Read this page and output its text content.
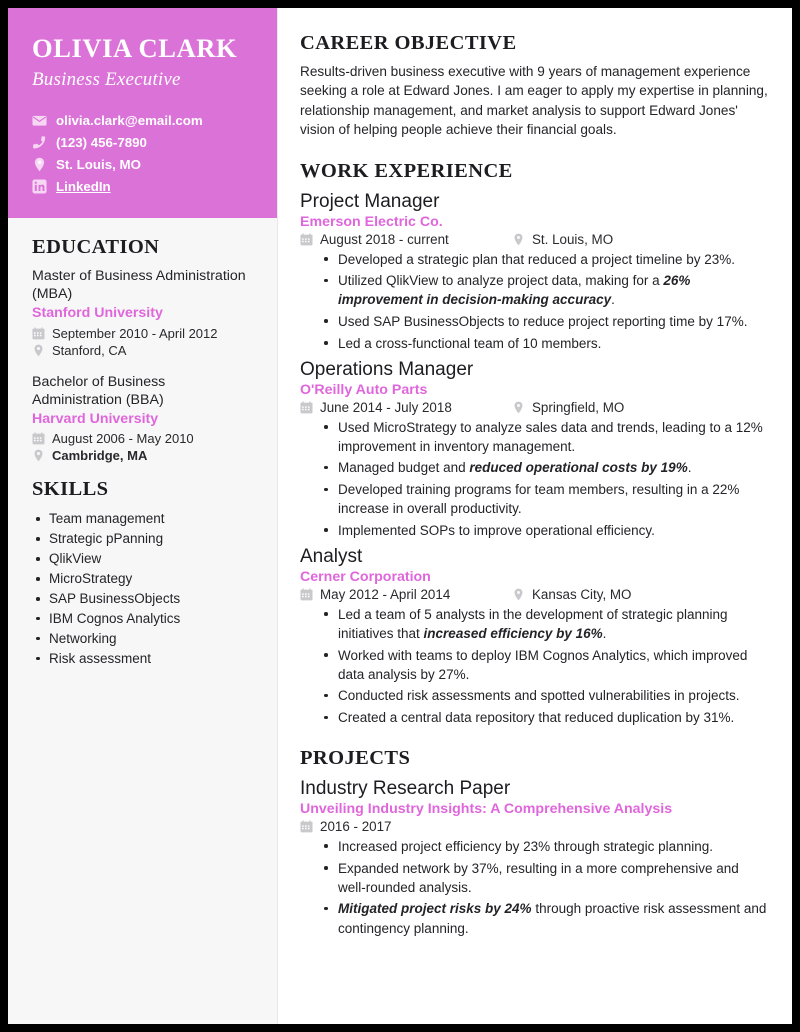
OLIVIA CLARK
Business Executive
olivia.clark@email.com
(123) 456-7890
St. Louis, MO
LinkedIn
EDUCATION
Master of Business Administration (MBA)
Stanford University
September 2010 - April 2012
Stanford, CA
Bachelor of Business Administration (BBA)
Harvard University
August 2006 - May 2010
Cambridge, MA
SKILLS
Team management
Strategic pPanning
QlikView
MicroStrategy
SAP BusinessObjects
IBM Cognos Analytics
Networking
Risk assessment
CAREER OBJECTIVE

Results-driven business executive with 9 years of management experience seeking a role at Edward Jones. I am eager to apply my expertise in planning, relationship management, and market analysis to support Edward Jones' vision of helping people achieve their financial goals.

WORK EXPERIENCE
Project Manager
Emerson Electric Co.
August 2018 - current	St. Louis, MO
Developed a strategic plan that reduced a project timeline by 23%.
Utilized QlikView to analyze project data, making for a 26% improvement in decision-making accuracy.
Used SAP BusinessObjects to reduce project reporting time by 17%.
Led a cross-functional team of 10 members.
Operations Manager
O'Reilly Auto Parts
June 2014 - July 2018	Springfield, MO
Used MicroStrategy to analyze sales data and trends, leading to a 12% improvement in inventory management.
Managed budget and reduced operational costs by 19%.
Developed training programs for team members, resulting in a 22% increase in overall productivity.
Implemented SOPs to improve operational efficiency.
Analyst
Cerner Corporation
May 2012 - April 2014	Kansas City, MO
Led a team of 5 analysts in the development of strategic planning initiatives that increased efficiency by 16%.
Worked with teams to deploy IBM Cognos Analytics, which improved data analysis by 27%.
Conducted risk assessments and spotted vulnerabilities in projects.
Created a central data repository that reduced duplication by 31%.
PROJECTS
Industry Research Paper
Unveiling Industry Insights: A Comprehensive Analysis
2016 - 2017
Increased project efficiency by 23% through strategic planning.
Expanded network by 37%, resulting in a more comprehensive and well-rounded analysis.
Mitigated project risks by 24% through proactive risk assessment and contingency planning.
